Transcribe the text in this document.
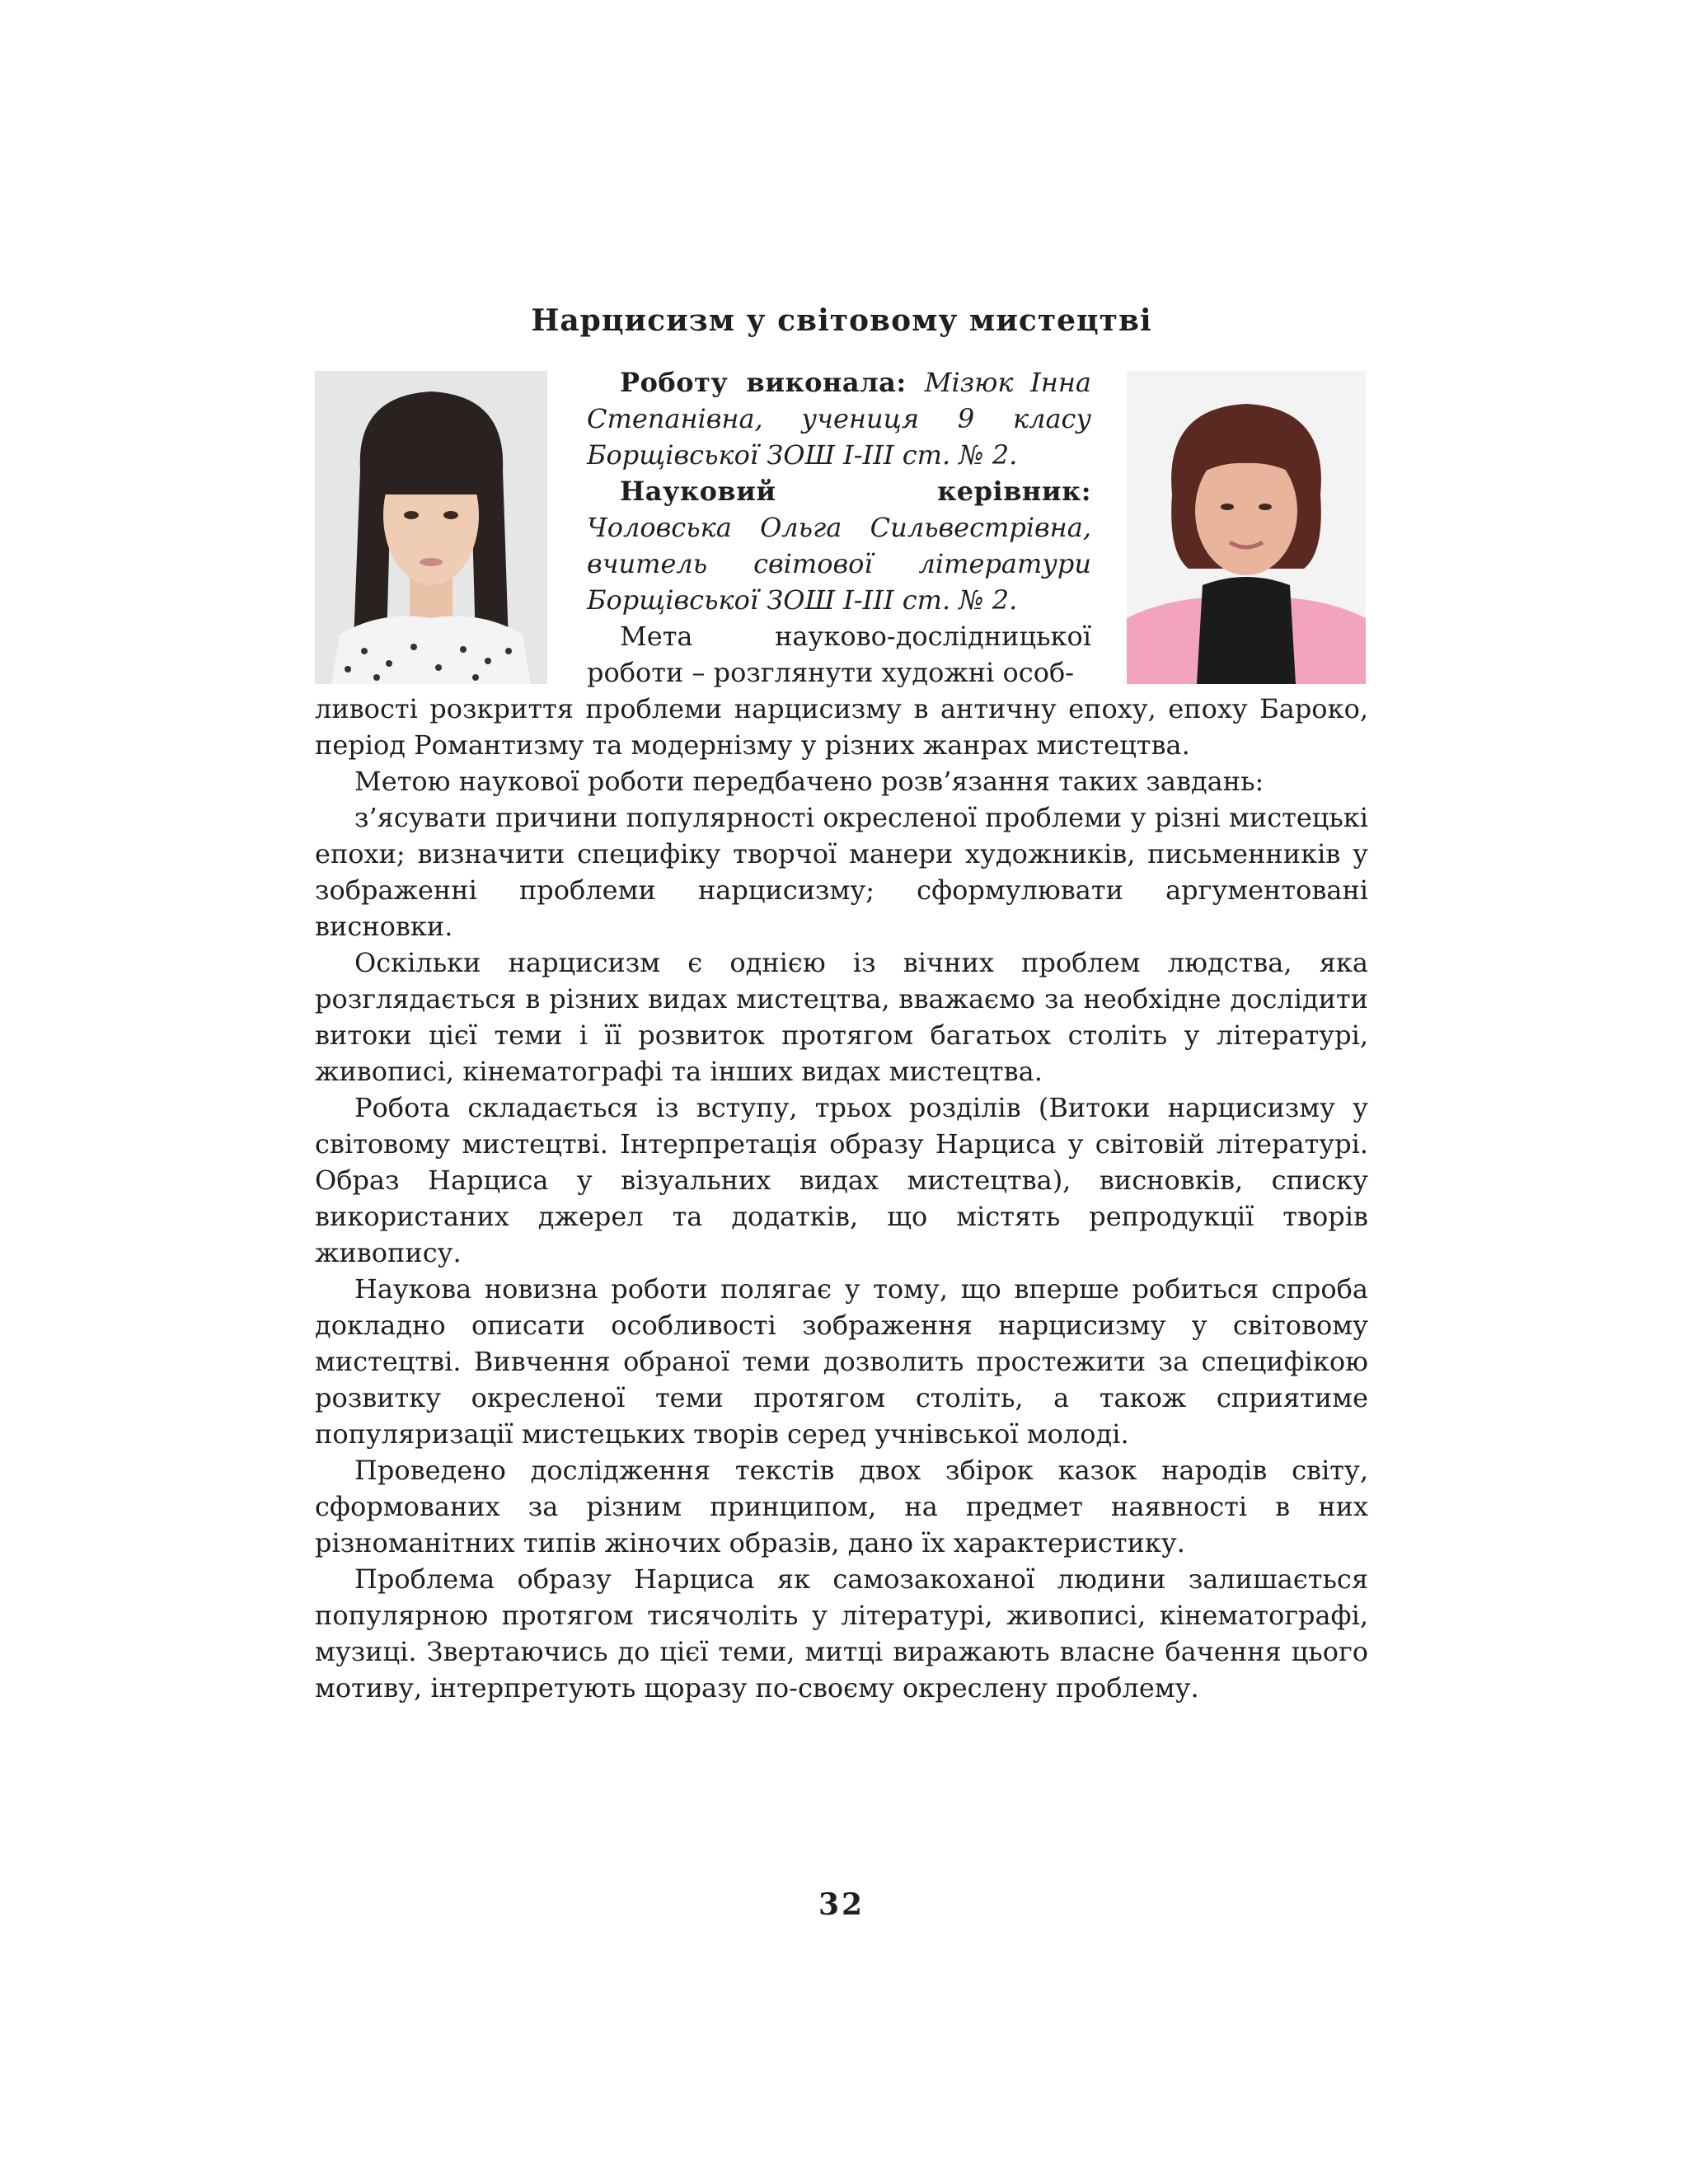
Нарцисизм у світовому мистецтві

Роботу виконала: Мізюк Інна Степанівна, учениця 9 класу Борщівської ЗОШ І-ІІІ ст. № 2.

Науковий керівник: Чоловська Ольга Сильвестрівна, вчитель світової літератури Борщівської ЗОШ І-ІІІ ст. № 2.

Мета науково-дослідницької роботи – розглянути художні особ-

ливості розкриття проблеми нарцисизму в античну епоху, епоху Бароко, період Романтизму та модернізму у різних жанрах мистецтва.

Метою наукової роботи передбачено розв’язання таких завдань:

з’ясувати причини популярності окресленої проблеми у різні мистецькі епохи; визначити специфіку творчої манери художників, письменників у зображенні проблеми нарцисизму; сформулювати аргументовані висновки.

Оскільки нарцисизм є однією із вічних проблем людства, яка розглядається в різних видах мистецтва, вважаємо за необхідне дослідити витоки цієї теми і її розвиток протягом багатьох століть у літературі, живописі, кінематографі та інших видах мистецтва.

Робота складається із вступу, трьох розділів (Витоки нарцисизму у світовому мистецтві. Інтерпретація образу Нарциса у світовій літературі. Образ Нарциса у візуальних видах мистецтва), висновків, списку використаних джерел та додатків, що містять репродукції творів живопису.

Наукова новизна роботи полягає у тому, що вперше робиться спроба докладно описати особливості зображення нарцисизму у світовому мистецтві. Вивчення обраної теми дозволить простежити за специфікою розвитку окресленої теми протягом століть, а також сприятиме популяризації мистецьких творів серед учнівської молоді.

Проведено дослідження текстів двох збірок казок народів світу, сформованих за різним принципом, на предмет наявності в них різноманітних типів жіночих образів, дано їх характеристику.

Проблема образу Нарциса як самозакоханої людини залишається популярною протягом тисячоліть у літературі, живописі, кінематографі, музиці. Звертаючись до цієї теми, митці виражають власне бачення цього мотиву, інтерпретують щоразу по-своєму окреслену проблему.

32
